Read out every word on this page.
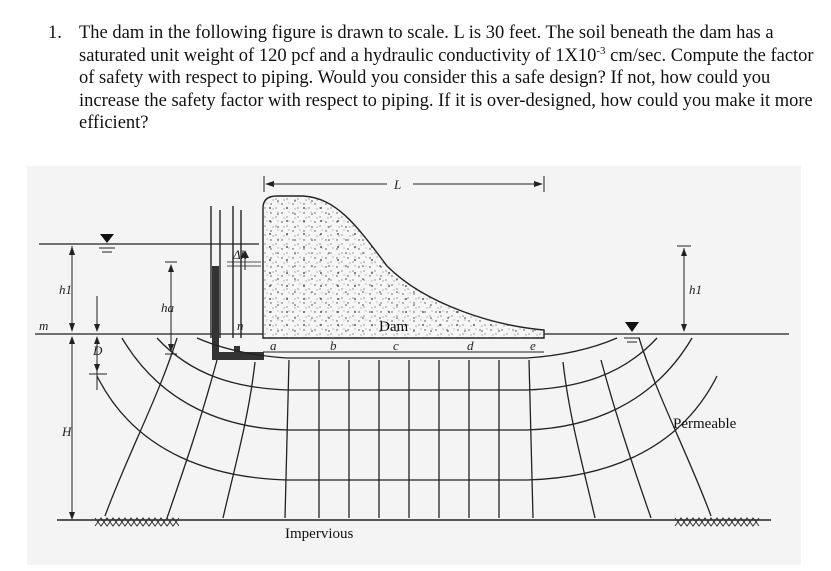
1. The dam in the following figure is drawn to scale. L is 30 feet. The soil beneath the dam has a saturated unit weight of 120 pcf and a hydraulic conductivity of $1X10^{-3}$ cm/sec. Compute the factor of safety with respect to piping. Would you consider this a safe design? If not, how could you increase the safety factor with respect to piping. If it is over-designed, how could you make it more efficient?
L
Δh
n
h1
m
ha
D
H
h1
a	b	c	d	e
Dam
Permeable
Impervious
